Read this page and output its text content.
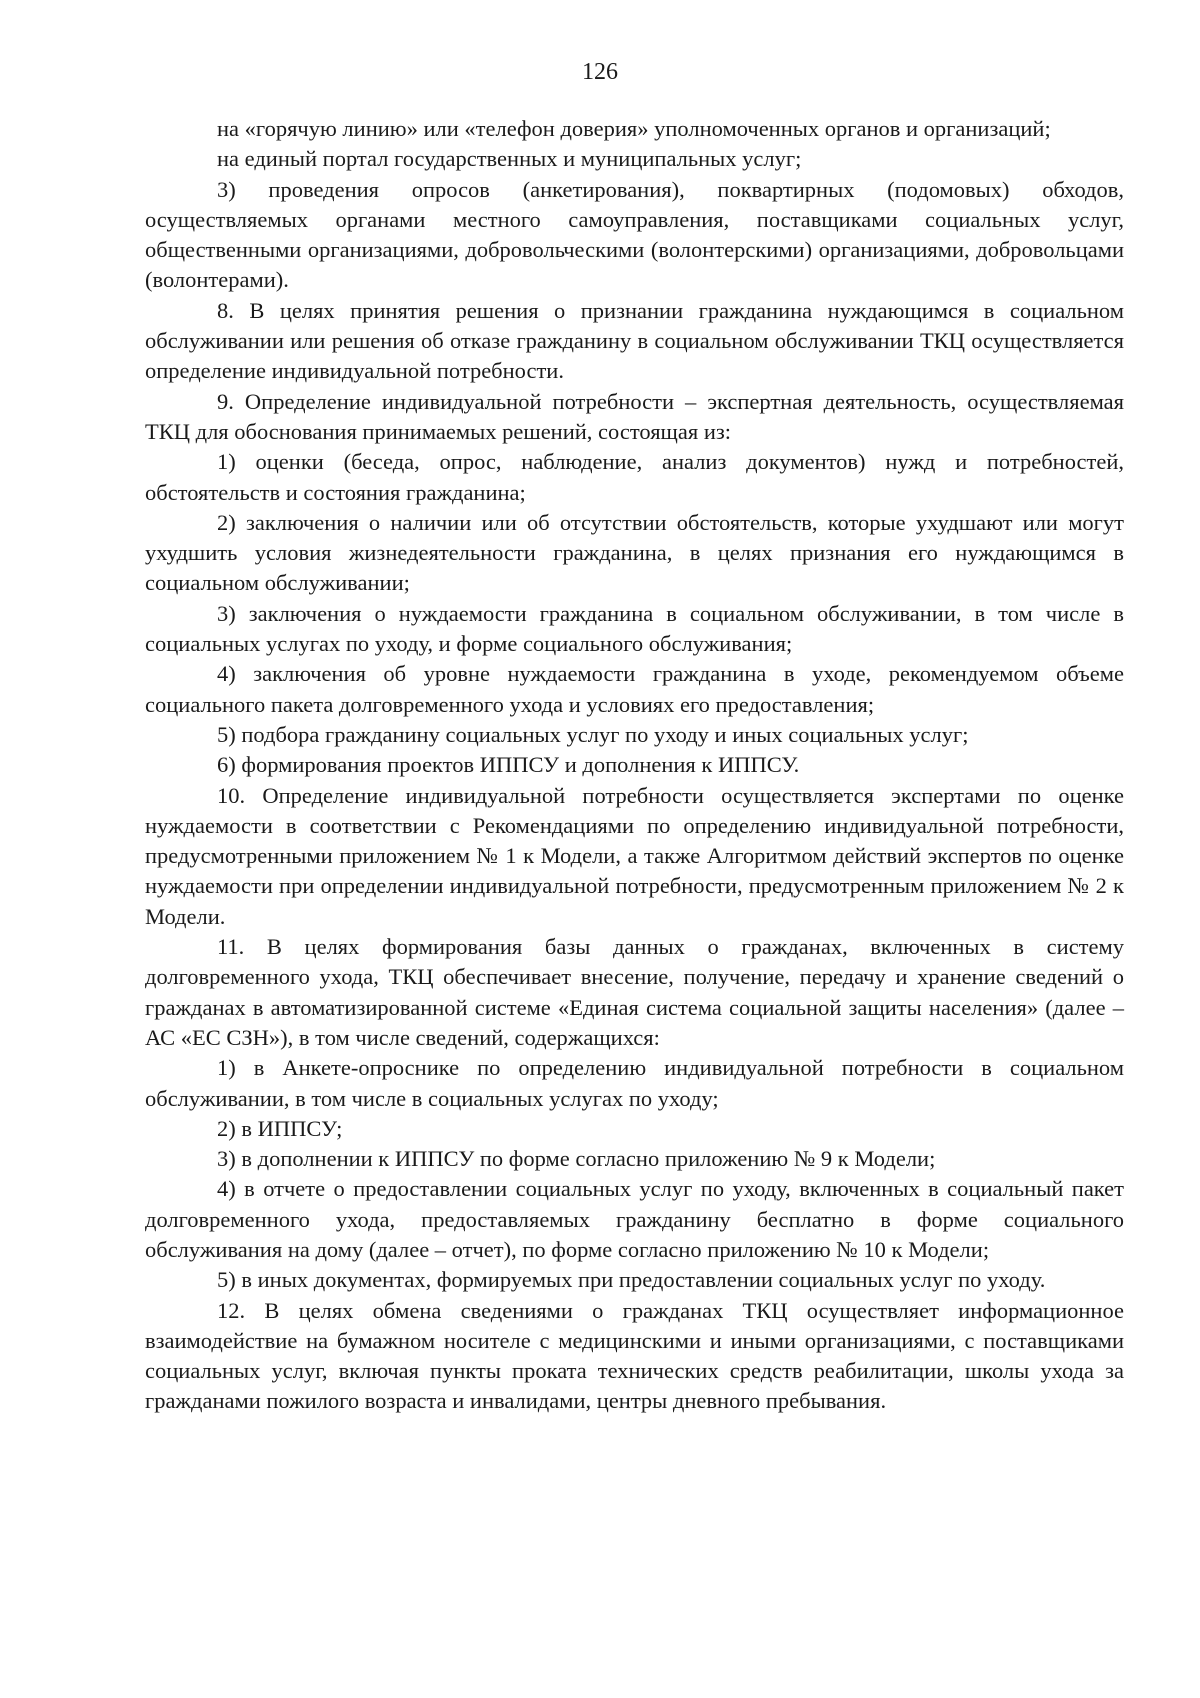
126

на «горячую линию» или «телефон доверия» уполномоченных органов и организаций;

на единый портал государственных и муниципальных услуг;

3) проведения опросов (анкетирования), поквартирных (подомовых) обходов, осуществляемых органами местного самоуправления, поставщиками социальных услуг, общественными организациями, добровольческими (волонтерскими) организациями, добровольцами (волонтерами).

8. В целях принятия решения о признании гражданина нуждающимся в социальном обслуживании или решения об отказе гражданину в социальном обслуживании ТКЦ осуществляется определение индивидуальной потребности.

9. Определение индивидуальной потребности – экспертная деятельность, осуществляемая ТКЦ для обоснования принимаемых решений, состоящая из:

1) оценки (беседа, опрос, наблюдение, анализ документов) нужд и потребностей, обстоятельств и состояния гражданина;

2) заключения о наличии или об отсутствии обстоятельств, которые ухудшают или могут ухудшить условия жизнедеятельности гражданина, в целях признания его нуждающимся в социальном обслуживании;

3) заключения о нуждаемости гражданина в социальном обслуживании, в том числе в социальных услугах по уходу, и форме социального обслуживания;

4) заключения об уровне нуждаемости гражданина в уходе, рекомендуемом объеме социального пакета долговременного ухода и условиях его предоставления;

5) подбора гражданину социальных услуг по уходу и иных социальных услуг;

6) формирования проектов ИППСУ и дополнения к ИППСУ.

10. Определение индивидуальной потребности осуществляется экспертами по оценке нуждаемости в соответствии с Рекомендациями по определению индивидуальной потребности, предусмотренными приложением № 1 к Модели, а также Алгоритмом действий экспертов по оценке нуждаемости при определении индивидуальной потребности, предусмотренным приложением № 2 к Модели.

11. В целях формирования базы данных о гражданах, включенных в систему долговременного ухода, ТКЦ обеспечивает внесение, получение, передачу и хранение сведений о гражданах в автоматизированной системе «Единая система социальной защиты населения» (далее – АС «ЕС СЗН»), в том числе сведений, содержащихся:

1) в Анкете-опроснике по определению индивидуальной потребности в социальном обслуживании, в том числе в социальных услугах по уходу;

2) в ИППСУ;

3) в дополнении к ИППСУ по форме согласно приложению № 9 к Модели;

4) в отчете о предоставлении социальных услуг по уходу, включенных в социальный пакет долговременного ухода, предоставляемых гражданину бесплатно в форме социального обслуживания на дому (далее – отчет), по форме согласно приложению № 10 к Модели;

5) в иных документах, формируемых при предоставлении социальных услуг по уходу.

12. В целях обмена сведениями о гражданах ТКЦ осуществляет информационное взаимодействие на бумажном носителе с медицинскими и иными организациями, с поставщиками социальных услуг, включая пункты проката технических средств реабилитации, школы ухода за гражданами пожилого возраста и инвалидами, центры дневного пребывания.
